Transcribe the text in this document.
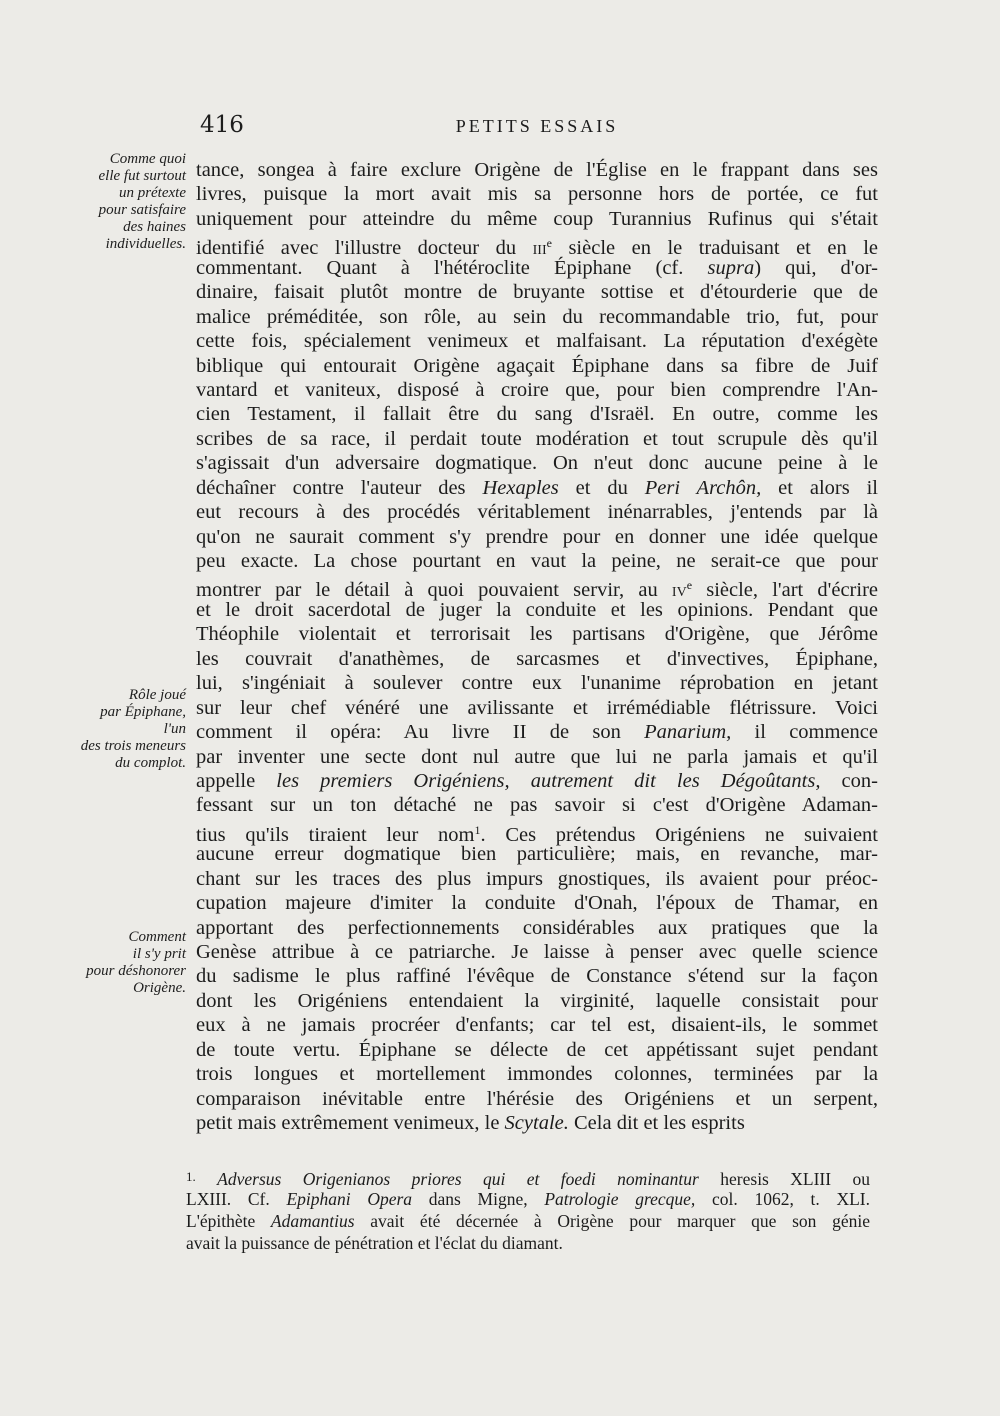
416	PETITS ESSAIS
Comme quoi
elle fut surtout
un prétexte
pour satisfaire
des haines
individuelles.
Rôle joué
par Épiphane,
l'un
des trois meneurs
du complot.
Comment
il s'y prit
pour déshonorer
Origène.
tance, songea à faire exclure Origène de l'Église en le frappant dans ses
livres, puisque la mort avait mis sa personne hors de portée, ce fut
uniquement pour atteindre du même coup Turannius Rufinus qui s'était
identifié avec l'illustre docteur du iii$^e$ siècle en le traduisant et en le
commentant. Quant à l'hétéroclite Épiphane (cf. supra) qui, d'or-
dinaire, faisait plutôt montre de bruyante sottise et d'étourderie que de
malice préméditée, son rôle, au sein du recommandable trio, fut, pour
cette fois, spécialement venimeux et malfaisant. La réputation d'exégète
biblique qui entourait Origène agaçait Épiphane dans sa fibre de Juif
vantard et vaniteux, disposé à croire que, pour bien comprendre l'An-
cien Testament, il fallait être du sang d'Israël. En outre, comme les
scribes de sa race, il perdait toute modération et tout scrupule dès qu'il
s'agissait d'un adversaire dogmatique. On n'eut donc aucune peine à le
déchaîner contre l'auteur des Hexaples et du Peri Archôn, et alors il
eut recours à des procédés véritablement inénarrables, j'entends par là
qu'on ne saurait comment s'y prendre pour en donner une idée quelque
peu exacte. La chose pourtant en vaut la peine, ne serait-ce que pour
montrer par le détail à quoi pouvaient servir, au $iv^e$ siècle, l'art d'écrire
et le droit sacerdotal de juger la conduite et les opinions. Pendant que
Théophile violentait et terrorisait les partisans d'Origène, que Jérôme
les couvrait d'anathèmes, de sarcasmes et d'invectives, Épiphane,
lui, s'ingéniait à soulever contre eux l'unanime réprobation en jetant
sur leur chef vénéré une avilissante et irrémédiable flétrissure. Voici
comment il opéra: Au livre II de son Panarium, il commence
par inventer une secte dont nul autre que lui ne parla jamais et qu'il
appelle les premiers Origéniens, autrement dit les Dégoûtants, con-
fessant sur un ton détaché ne pas savoir si c'est d'Origène Adaman-
tius qu'ils tiraient leur nom$^1$. Ces prétendus Origéniens ne suivaient
aucune erreur dogmatique bien particulière; mais, en revanche, mar-
chant sur les traces des plus impurs gnostiques, ils avaient pour préoc-
cupation majeure d'imiter la conduite d'Onah, l'époux de Thamar, en
apportant des perfectionnements considérables aux pratiques que la
Genèse attribue à ce patriarche. Je laisse à penser avec quelle science
du sadisme le plus raffiné l'évêque de Constance s'étend sur la façon
dont les Origéniens entendaient la virginité, laquelle consistait pour
eux à ne jamais procréer d'enfants; car tel est, disaient-ils, le sommet
de toute vertu. Épiphane se délecte de cet appétissant sujet pendant
trois longues et mortellement immondes colonnes, terminées par la
comparaison inévitable entre l'hérésie des Origéniens et un serpent,
petit mais extrêmement venimeux, le Scytale. Cela dit et les esprits
$^{1.}$ Adversus Origenianos priores qui et foedi nominantur heresis XLIII ou
LXIII. Cf. Epiphani Opera dans Migne, Patrologie grecque, col. 1062, t. XLI.
L'épithète Adamantius avait été décernée à Origène pour marquer que son génie
avait la puissance de pénétration et l'éclat du diamant.
